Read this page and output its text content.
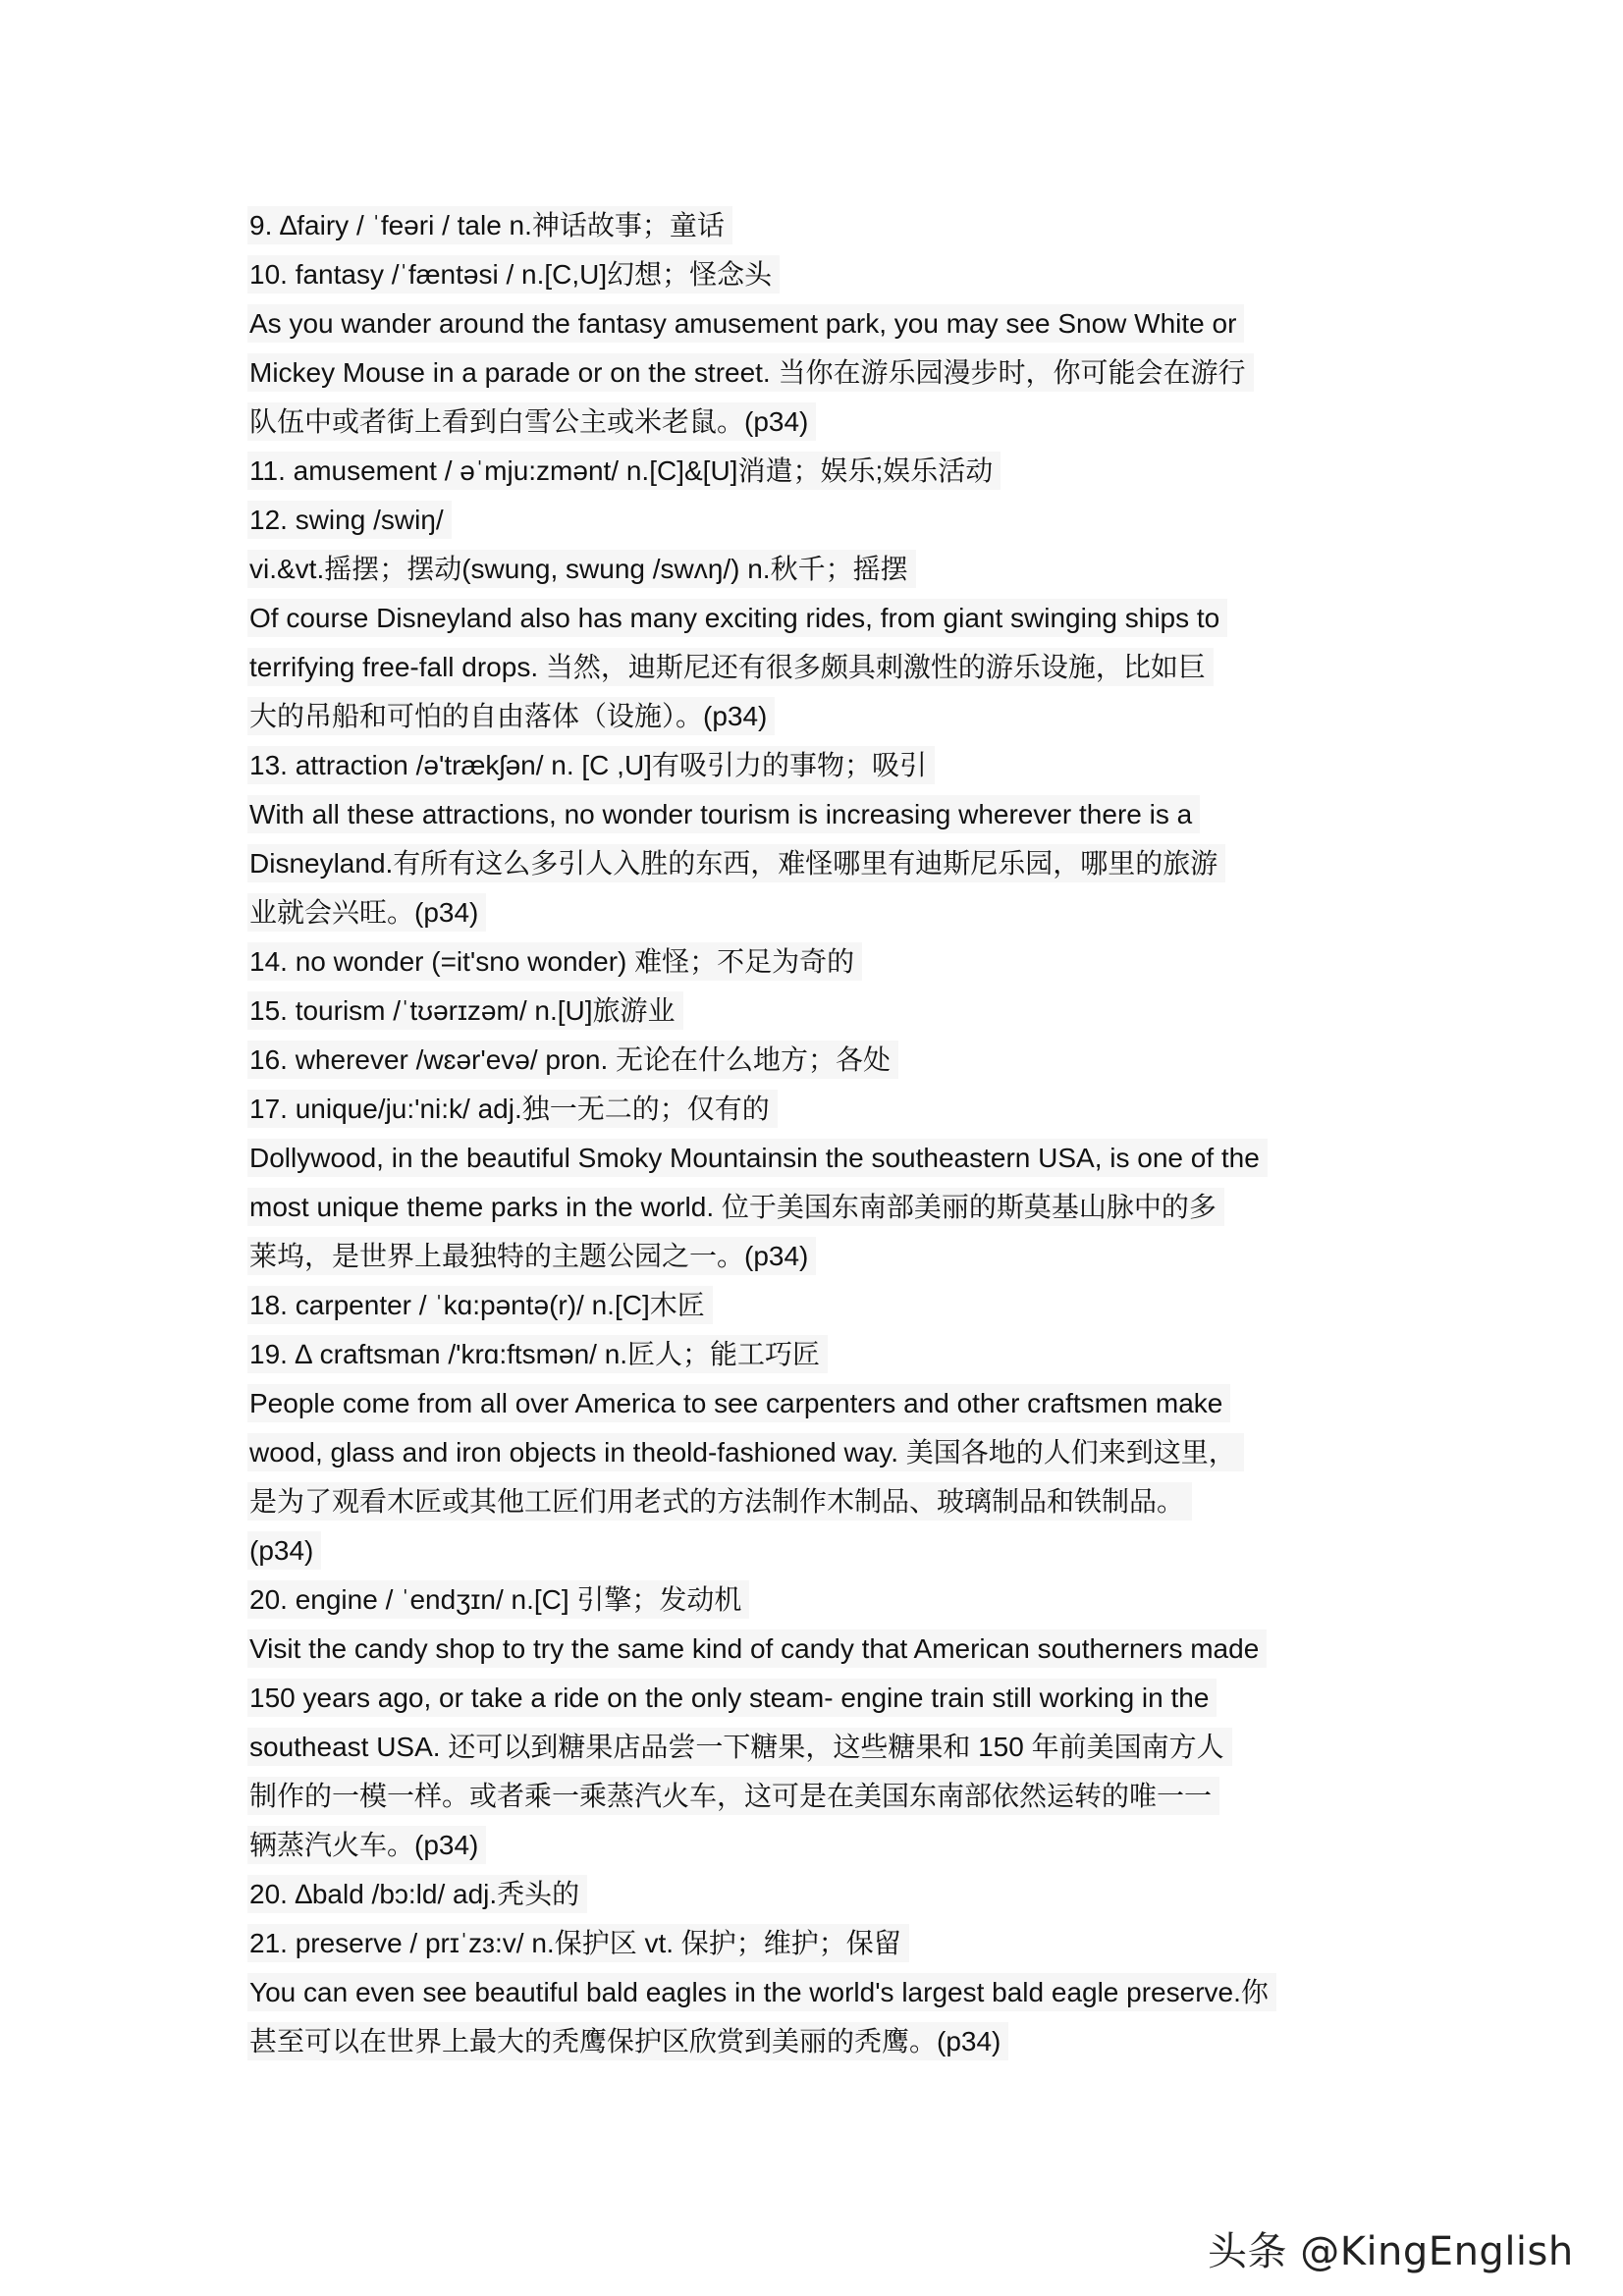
9. ∆fairy / ˈfeəri / tale n.神话故事；童话
10. fantasy /ˈfæntəsi / n.[C,U]幻想；怪念头
As you wander around the fantasy amusement park, you may see Snow White or
Mickey Mouse in a parade or on the street. 当你在游乐园漫步时，你可能会在游行
队伍中或者街上看到白雪公主或米老鼠。(p34)
11. amusement / əˈmju:zmənt/ n.[C]&[U]消遣；娱乐;娱乐活动
12. swing /swiŋ/
vi.&vt.摇摆；摆动(swung, swung /swʌŋ/) n.秋千；摇摆
Of course Disneyland also has many exciting rides, from giant swinging ships to
terrifying free-fall drops. 当然，迪斯尼还有很多颇具刺激性的游乐设施，比如巨
大的吊船和可怕的自由落体（设施）。(p34)
13. attraction /ə'trækʃən/ n. [C ,U]有吸引力的事物；吸引
With all these attractions, no wonder tourism is increasing wherever there is a
Disneyland.有所有这么多引人入胜的东西，难怪哪里有迪斯尼乐园，哪里的旅游
业就会兴旺。(p34)
14. no wonder (=it'sno wonder) 难怪；不足为奇的
15. tourism /ˈtʊərɪzəm/ n.[U]旅游业
16. wherever /wɛər'evə/ pron. 无论在什么地方；各处
17. unique/ju:'ni:k/ adj.独一无二的；仅有的
Dollywood, in the beautiful Smoky Mountainsin the southeastern USA, is one of the
most unique theme parks in the world. 位于美国东南部美丽的斯莫基山脉中的多
莱坞，是世界上最独特的主题公园之一。(p34)
18. carpenter / ˈkɑ:pəntə(r)/ n.[C]木匠
19. ∆ craftsman /'krɑ:ftsmən/ n.匠人；能工巧匠
People come from all over America to see carpenters and other craftsmen make
wood, glass and iron objects in theold-fashioned way. 美国各地的人们来到这里，
是为了观看木匠或其他工匠们用老式的方法制作木制品、玻璃制品和铁制品。
(p34)
20. engine / ˈendʒɪn/ n.[C] 引擎；发动机
Visit the candy shop to try the same kind of candy that American southerners made
150 years ago, or take a ride on the only steam- engine train still working in the
southeast USA. 还可以到糖果店品尝一下糖果，这些糖果和 150 年前美国南方人
制作的一模一样。或者乘一乘蒸汽火车，这可是在美国东南部依然运转的唯一一
辆蒸汽火车。(p34)
20. ∆bald /bɔ:ld/ adj.秃头的
21. preserve / prɪˈzɜ:v/ n.保护区 vt. 保护；维护；保留
You can even see beautiful bald eagles in the world's largest bald eagle preserve.你
甚至可以在世界上最大的秃鹰保护区欣赏到美丽的秃鹰。(p34)
头条 @KingEnglish
